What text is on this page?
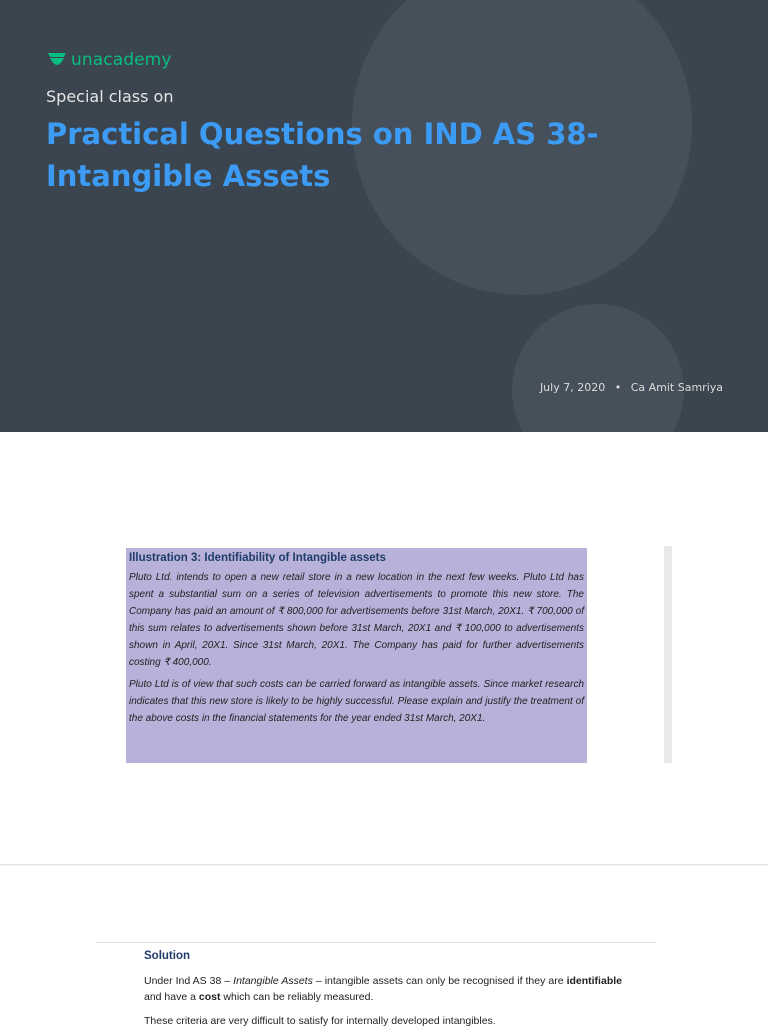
unacademy
Special class on
Practical Questions on IND AS 38- Intangible Assets
July 7, 2020 • Ca Amit Samriya

Illustration 3: Identifiability of Intangible assets

Pluto Ltd. intends to open a new retail store in a new location in the next few weeks. Pluto Ltd has spent a substantial sum on a series of television advertisements to promote this new store. The Company has paid an amount of ₹ 800,000 for advertisements before 31st March, 20X1. ₹ 700,000 of this sum relates to advertisements shown before 31st March, 20X1 and ₹ 100,000 to advertisements shown in April, 20X1. Since 31st March, 20X1. The Company has paid for further advertisements costing ₹ 400,000.

Pluto Ltd is of view that such costs can be carried forward as intangible assets. Since market research indicates that this new store is likely to be highly successful. Please explain and justify the treatment of the above costs in the financial statements for the year ended 31st March, 20X1.

Solution

Under Ind AS 38 – Intangible Assets – intangible assets can only be recognised if they are identifiable and have a cost which can be reliably measured.

These criteria are very difficult to satisfy for internally developed intangibles.
